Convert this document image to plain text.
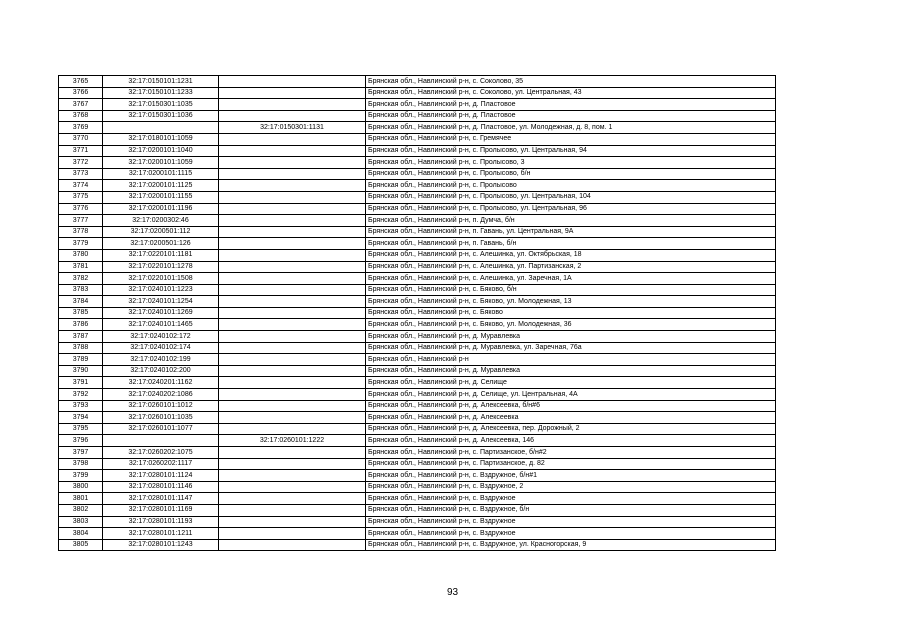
3765	32:17:0150101:1231		Брянская обл., Навлинский р-н, с. Соколово, 35
3766	32:17:0150101:1233		Брянская обл., Навлинский р-н, с. Соколово, ул. Центральная, 43
3767	32:17:0150301:1035		Брянская обл., Навлинский р-н, д. Пластовое
3768	32:17:0150301:1036		Брянская обл., Навлинский р-н, д. Пластовое
3769		32:17:0150301:1131	Брянская обл., Навлинский р-н, д. Пластовое, ул. Молодежная, д. 8, пом. 1
3770	32:17:0180101:1059		Брянская обл., Навлинский р-н, с. Гремячее
3771	32:17:0200101:1040		Брянская обл., Навлинский р-н, с. Пролысово, ул. Центральная, 94
3772	32:17:0200101:1059		Брянская обл., Навлинский р-н, с. Пролысово, 3
3773	32:17:0200101:1115		Брянская обл., Навлинский р-н, с. Пролысово, б/н
3774	32:17:0200101:1125		Брянская обл., Навлинский р-н, с. Пролысово
3775	32:17:0200101:1155		Брянская обл., Навлинский р-н, с. Пролысово, ул. Центральная, 104
3776	32:17:0200101:1196		Брянская обл., Навлинский р-н, с. Пролысово, ул. Центральная, 96
3777	32:17:0200302:46		Брянская обл., Навлинский р-н, п. Думча, б/н
3778	32:17:0200501:112		Брянская обл., Навлинский р-н, п. Гавань, ул. Центральная, 9А
3779	32:17:0200501:126		Брянская обл., Навлинский р-н, п. Гавань, б/н
3780	32:17:0220101:1181		Брянская обл., Навлинский р-н, с. Алешинка, ул. Октябрьская, 18
3781	32:17:0220101:1278		Брянская обл., Навлинский р-н, с. Алешинка, ул. Партизанская, 2
3782	32:17:0220101:1508		Брянская обл., Навлинский р-н, с. Алешинка, ул. Заречная, 1А
3783	32:17:0240101:1223		Брянская обл., Навлинский р-н, с. Бяково, б/н
3784	32:17:0240101:1254		Брянская обл., Навлинский р-н, с. Бяково, ул. Молодежная, 13
3785	32:17:0240101:1269		Брянская обл., Навлинский р-н, с. Бяково
3786	32:17:0240101:1465		Брянская обл., Навлинский р-н, с. Бяково, ул. Молодежная, 36
3787	32:17:0240102:172		Брянская обл., Навлинский р-н, д. Муравлевка
3788	32:17:0240102:174		Брянская обл., Навлинский р-н, д. Муравлевка, ул. Заречная, 76а
3789	32:17:0240102:199		Брянская обл., Навлинский р-н
3790	32:17:0240102:200		Брянская обл., Навлинский р-н, д. Муравлевка
3791	32:17:0240201:1162		Брянская обл., Навлинский р-н, д. Селище
3792	32:17:0240202:1086		Брянская обл., Навлинский р-н, д. Селище, ул. Центральная, 4А
3793	32:17:0260101:1012		Брянская обл., Навлинский р-н, д. Алексеевка, б/н#6
3794	32:17:0260101:1035		Брянская обл., Навлинский р-н, д. Алексеевка
3795	32:17:0260101:1077		Брянская обл., Навлинский р-н, д. Алексеевка, пер. Дорожный, 2
3796		32:17:0260101:1222	Брянская обл., Навлинский р-н, д. Алексеевка, 146
3797	32:17:0260202:1075		Брянская обл., Навлинский р-н, с. Партизанское, б/н#2
3798	32:17:0260202:1117		Брянская обл., Навлинский р-н, с. Партизанское, д. 82
3799	32:17:0280101:1124		Брянская обл., Навлинский р-н, с. Вздружное, б/н#1
3800	32:17:0280101:1146		Брянская обл., Навлинский р-н, с. Вздружное, 2
3801	32:17:0280101:1147		Брянская обл., Навлинский р-н, с. Вздружное
3802	32:17:0280101:1169		Брянская обл., Навлинский р-н, с. Вздружное, б/н
3803	32:17:0280101:1193		Брянская обл., Навлинский р-н, с. Вздружное
3804	32:17:0280101:1211		Брянская обл., Навлинский р-н, с. Вздружное
3805	32:17:0280101:1243		Брянская обл., Навлинский р-н, с. Вздружное, ул. Красногорская, 9
93
